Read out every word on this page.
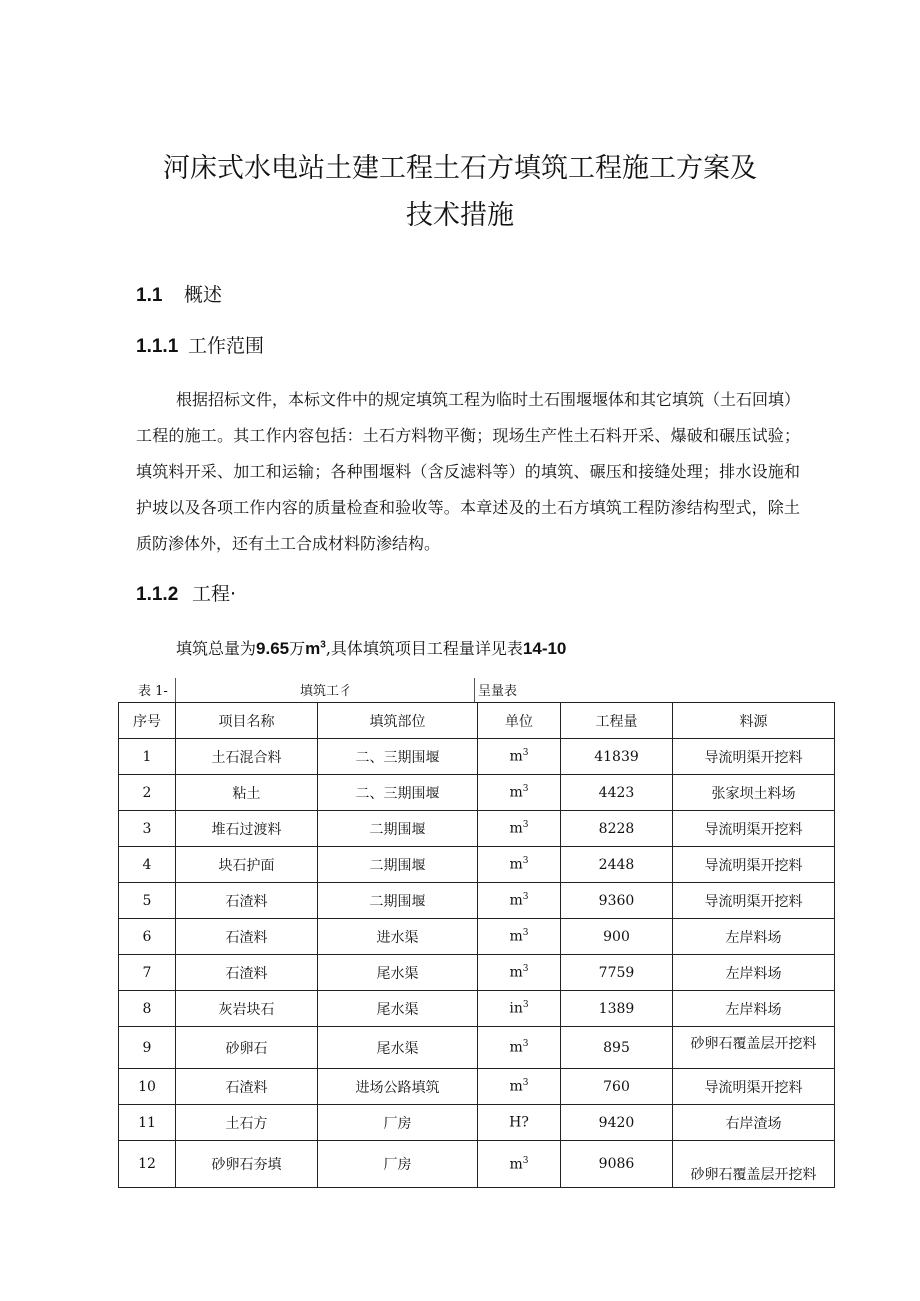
河床式水电站土建工程土石方填筑工程施工方案及
技术措施
1.1 概述
1.1.1 工作范围
根据招标文件，本标文件中的规定填筑工程为临时土石围堰堰体和其它填筑（土石回填）工程的施工。其工作内容包括：土石方料物平衡；现场生产性土石料开采、爆破和碾压试验；填筑料开采、加工和运输；各种围堰料（含反滤料等）的填筑、碾压和接缝处理；排水设施和护坡以及各项工作内容的质量检查和验收等。本章述及的土石方填筑工程防渗结构型式，除土质防渗体外，还有土工合成材料防渗结构。
1.1.2 工程·
填筑总量为9.65万$m^3$,具体填筑项目工程量详见表14-10
表 1-	填筑工彳	呈量表
序号	项目名称	填筑部位	单位	工程量	料源
1	土石混合料	二、三期围堰	$m^3$	41839	导流明渠开挖料
2	粘土	二、三期围堰	$m^3$	4423	张家坝土料场
3	堆石过渡料	二期围堰	$m^3$	8228	导流明渠开挖料
4	块石护面	二期围堰	$m^3$	2448	导流明渠开挖料
5	石渣料	二期围堰	$m^3$	9360	导流明渠开挖料
6	石渣料	进水渠	$m^3$	900	左岸料场
7	石渣料	尾水渠	$m^3$	7759	左岸料场
8	灰岩块石	尾水渠	$in^3$	1389	左岸料场
9	砂卵石	尾水渠	$m^3$	895	砂卵石覆盖层开挖料
10	石渣料	进场公路填筑	$m^3$	760	导流明渠开挖料
11	土石方	厂房	H?	9420	右岸渣场
12	砂卵石夯填	厂房	$m^3$	9086	砂卵石覆盖层开挖料
